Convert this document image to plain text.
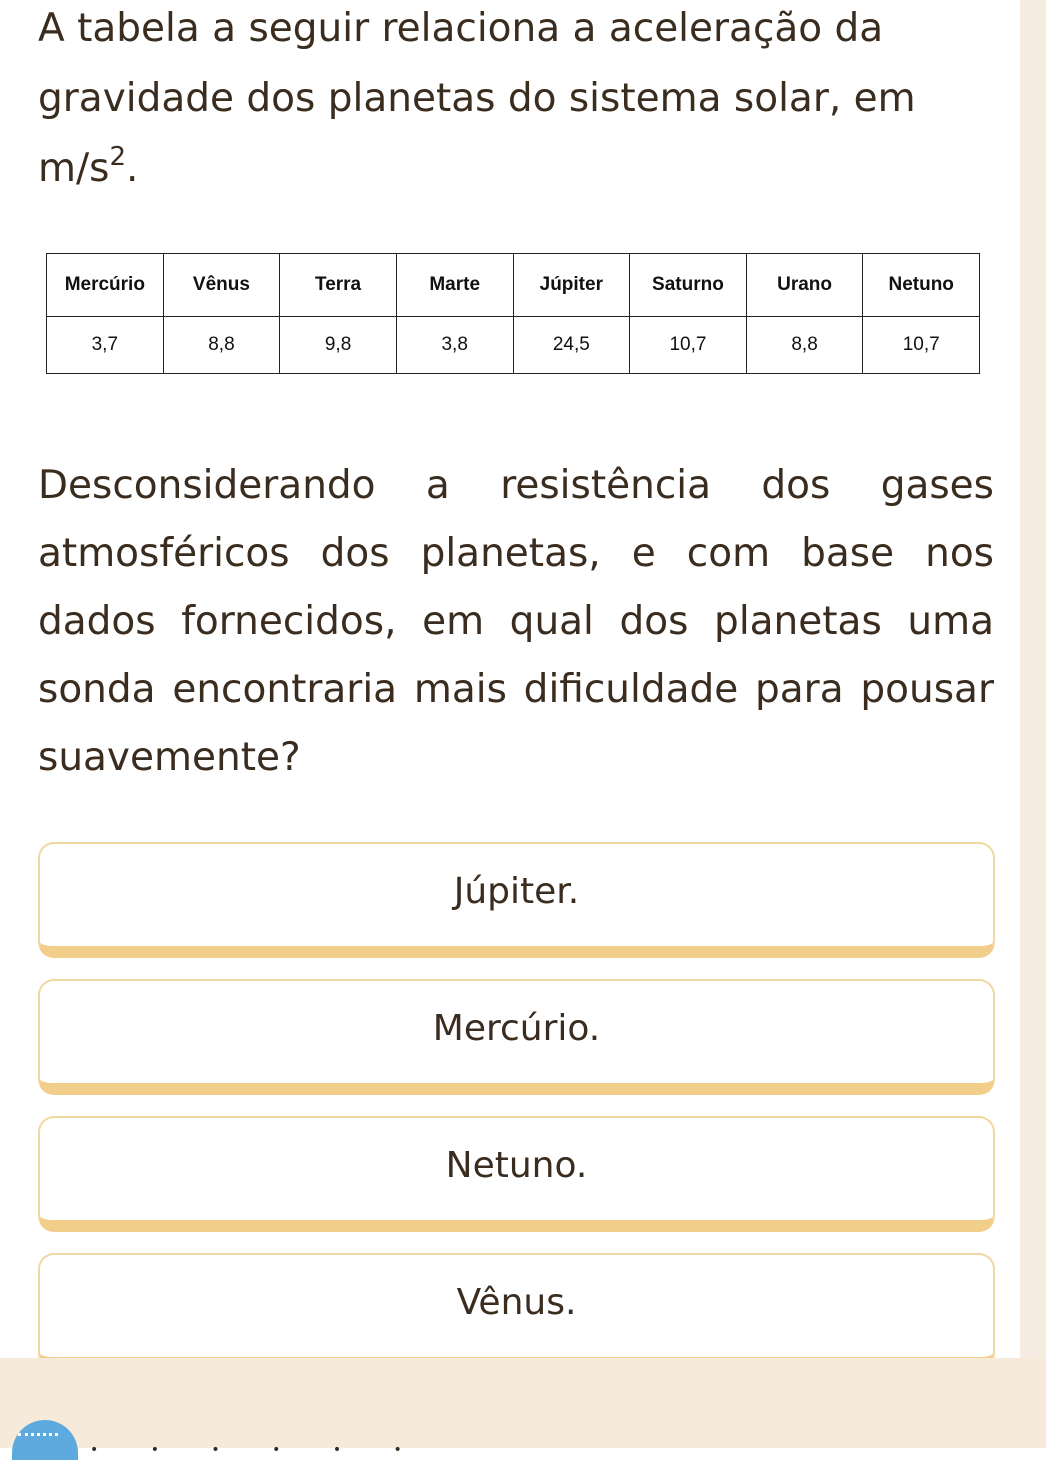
A tabela a seguir relaciona a aceleração da
gravidade dos planetas do sistema solar, em
$m/s^2$.

Mercúrio	Vênus	Terra	Marte	Júpiter	Saturno	Urano	Netuno
3,7	8,8	9,8	3,8	24,5	10,7	8,8	10,7

Desconsiderando a resistência dos gases atmosféricos dos planetas, e com base nos dados fornecidos, em qual dos planetas uma sonda encontraria mais dificuldade para pousar suavemente?

Júpiter.
Mercúrio.
Netuno.
Vênus.
• • • • • •
